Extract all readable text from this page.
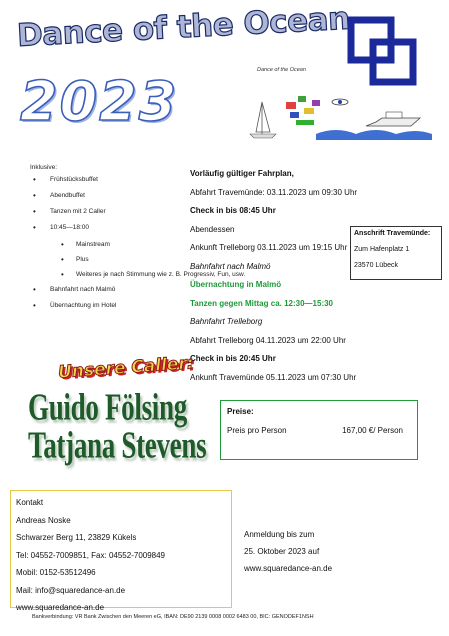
Dance of the Ocean
2023	Dance of the Ocean
Inklusive:
• Frühstücksbuffet
• Abendbuffet
• Tanzen mit 2 Caller
• 10:45—18:00
• Mainstream
• Plus
• Weiteres je nach Stimmung wie z. B. Progressiv, Fun, usw.
• Bahnfahrt nach Malmö
• Übernachtung im Hotel
Vorläufig gültiger Fahrplan,
Abfahrt Travemünde: 03.11.2023 um 09:30 Uhr
Check in bis 08:45 Uhr
Abendessen
Ankunft Trelleborg 03.11.2023 um 19:15 Uhr
Bahnfahrt nach Malmö
Übernachtung in Malmö
Tanzen gegen Mittag ca. 12:30—15:30
Bahnfahrt Trelleborg
Abfahrt Trelleborg 04.11.2023 um 22:00 Uhr
Check in bis 20:45 Uhr
Ankunft Travemünde 05.11.2023 um 07:30 Uhr
Anschrift Travemünde:
Zum Hafenplatz 1
23570 Lübeck
Unsere Caller:
Guido Fölsing
Tatjana Stevens
Preise:
Preis pro Person	167,00 €/ Person
Kontakt
Andreas Noske
Schwarzer Berg 11, 23829 Kükels
Tel: 04552-7009851, Fax: 04552-7009849
Mobil: 0152-53512496
Mail: info@squaredance-an.de
www.squaredance-an.de
Anmeldung bis zum
25. Oktober 2023 auf
www.squaredance-an.de
Bankverbindung: VR Bank Zwischen den Meeren eG, IBAN: DE90 2139 0008 0002 6483 00, BIC: GENODEF1NSH
